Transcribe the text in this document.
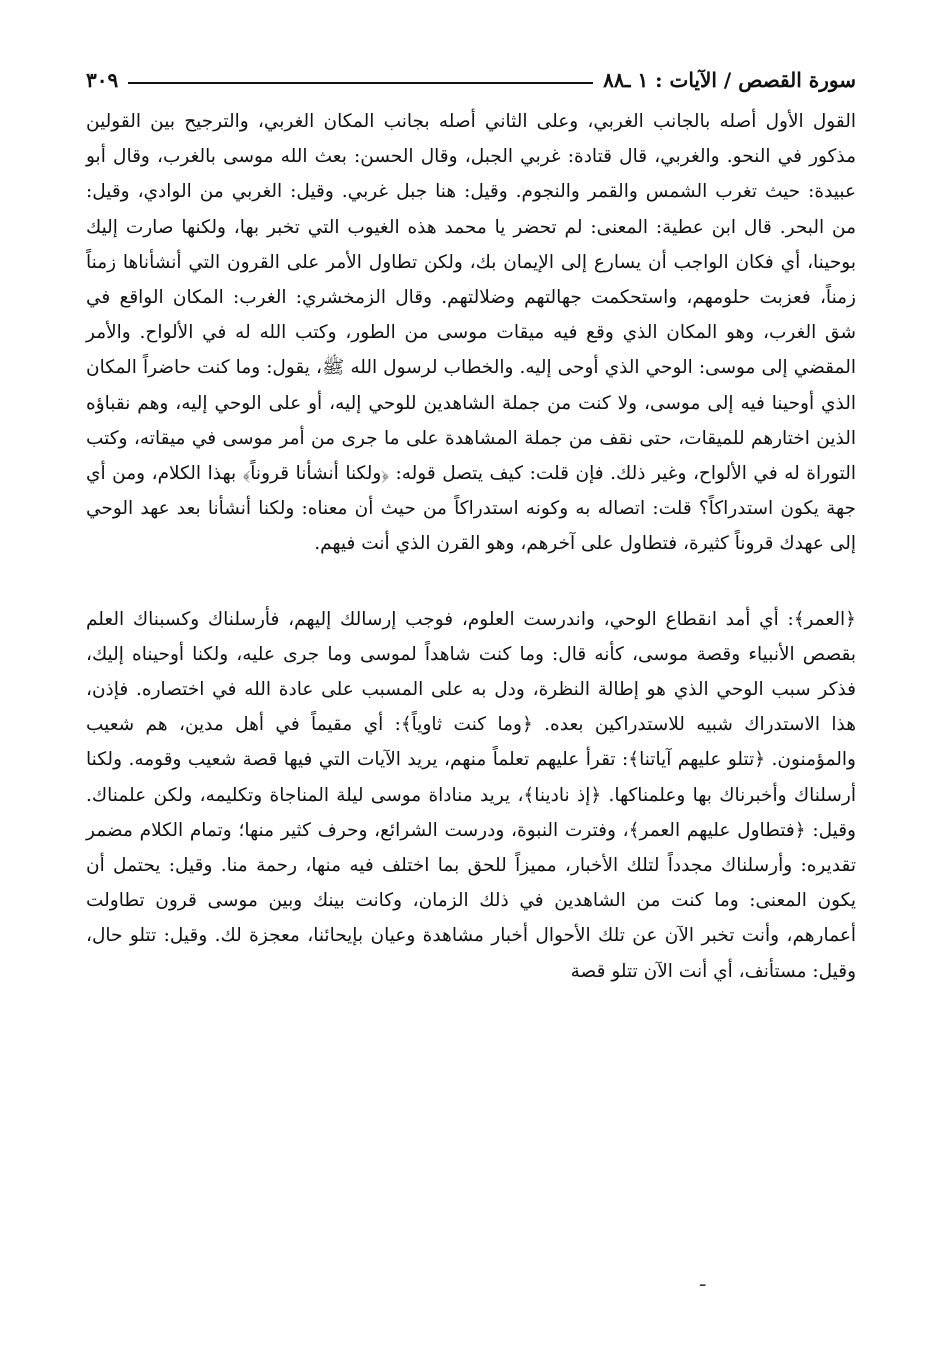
سورة القصص / الآيات : ١ ـ٨٨
٣٠٩
القول الأول أصله بالجانب الغربي، وعلى الثاني أصله بجانب المكان الغربي، والترجيح بين القولين مذكور في النحو. والغربي، قال قتادة: غربي الجبل، وقال الحسن: بعث الله موسى بالغرب، وقال أبو عبيدة: حيث تغرب الشمس والقمر والنجوم. وقيل: هنا جبل غربي. وقيل: الغربي من الوادي، وقيل: من البحر. قال ابن عطية: المعنى: لم تحضر يا محمد هذه الغيوب التي تخبر بها، ولكنها صارت إليك بوحينا، أي فكان الواجب أن يسارع إلى الإيمان بك، ولكن تطاول الأمر على القرون التي أنشأناها زمناً زمناً، فعزبت حلومهم، واستحكمت جهالتهم وضلالتهم. وقال الزمخشري: الغرب: المكان الواقع في شق الغرب، وهو المكان الذي وقع فيه ميقات موسى من الطور، وكتب الله له في الألواح. والأمر المقضي إلى موسى: الوحي الذي أوحى إليه. والخطاب لرسول الله ﷺ، يقول: وما كنت حاضراً المكان الذي أوحينا فيه إلى موسى، ولا كنت من جملة الشاهدين للوحي إليه، أو على الوحي إليه، وهم نقباؤه الذين اختارهم للميقات، حتى نقف من جملة المشاهدة على ما جرى من أمر موسى في ميقاته، وكتب التوراة له في الألواح، وغير ذلك. فإن قلت: كيف يتصل قوله: ﴿ولكنا أنشأنا قروناً﴾ بهذا الكلام، ومن أي جهة يكون استدراكاً؟ قلت: اتصاله به وكونه استدراكاً من حيث أن معناه: ولكنا أنشأنا بعد عهد الوحي إلى عهدك قروناً كثيرة، فتطاول على آخرهم، وهو القرن الذي أنت فيهم.
﴿العمر﴾: أي أمد انقطاع الوحي، واندرست العلوم، فوجب إرسالك إليهم، فأرسلناك وكسبناك العلم بقصص الأنبياء وقصة موسى، كأنه قال: وما كنت شاهداً لموسى وما جرى عليه، ولكنا أوحيناه إليك، فذكر سبب الوحي الذي هو إطالة النظرة، ودل به على المسبب على عادة الله في اختصاره. فإذن، هذا الاستدراك شبيه للاستدراكين بعده. ﴿وما كنت ثاوياً﴾: أي مقيماً في أهل مدين، هم شعيب والمؤمنون. ﴿تتلو عليهم آياتنا﴾: تقرأ عليهم تعلماً منهم، يريد الآيات التي فيها قصة شعيب وقومه. ولكنا أرسلناك وأخبرناك بها وعلمناكها. ﴿إذ نادينا﴾، يريد مناداة موسى ليلة المناجاة وتكليمه، ولكن علمناك. وقيل: ﴿فتطاول عليهم العمر﴾، وفترت النبوة، ودرست الشرائع، وحرف كثير منها؛ وتمام الكلام مضمر تقديره: وأرسلناك مجدداً لتلك الأخبار، مميزاً للحق بما اختلف فيه منها، رحمة منا. وقيل: يحتمل أن يكون المعنى: وما كنت من الشاهدين في ذلك الزمان، وكانت بينك وبين موسى قرون تطاولت أعمارهم، وأنت تخبر الآن عن تلك الأحوال أخبار مشاهدة وعيان بإيحائنا، معجزة لك. وقيل: تتلو حال، وقيل: مستأنف، أي أنت الآن تتلو قصة
ـ
